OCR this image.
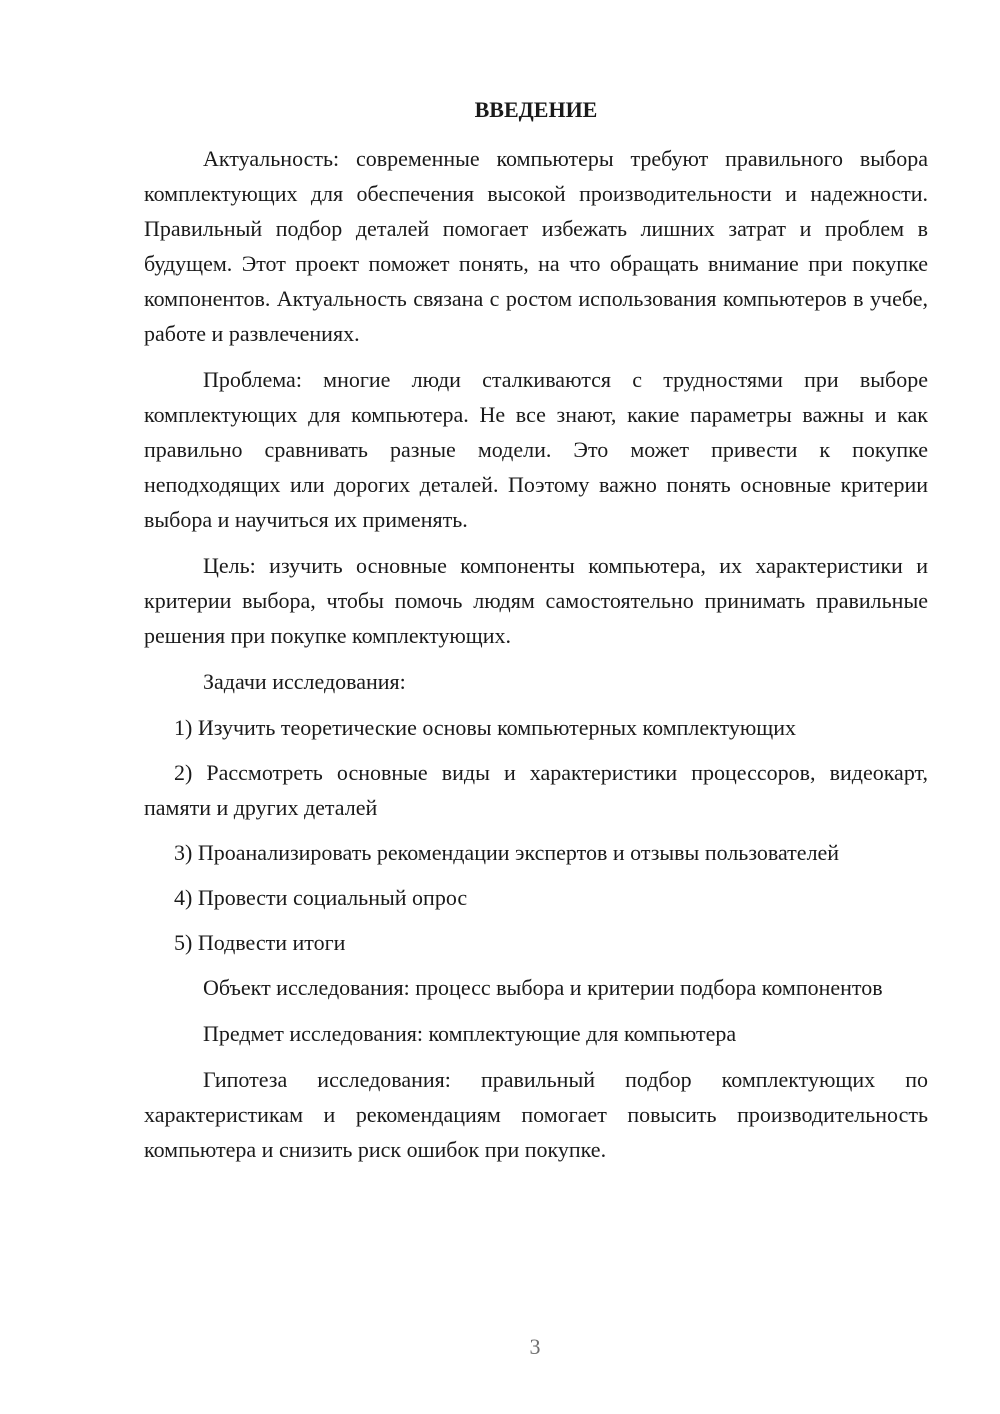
ВВЕДЕНИЕ

Актуальность: современные компьютеры требуют правильного выбора комплектующих для обеспечения высокой производительности и надежности. Правильный подбор деталей помогает избежать лишних затрат и проблем в будущем. Этот проект поможет понять, на что обращать внимание при покупке компонентов. Актуальность связана с ростом использования компьютеров в учебе, работе и развлечениях.

Проблема: многие люди сталкиваются с трудностями при выборе комплектующих для компьютера. Не все знают, какие параметры важны и как правильно сравнивать разные модели. Это может привести к покупке неподходящих или дорогих деталей. Поэтому важно понять основные критерии выбора и научиться их применять.

Цель: изучить основные компоненты компьютера, их характеристики и критерии выбора, чтобы помочь людям самостоятельно принимать правильные решения при покупке комплектующих.

Задачи исследования:

1) Изучить теоретические основы компьютерных комплектующих

2) Рассмотреть основные виды и характеристики процессоров, видеокарт, памяти и других деталей

3) Проанализировать рекомендации экспертов и отзывы пользователей

4) Провести социальный опрос

5) Подвести итоги

Объект исследования: процесс выбора и критерии подбора компонентов

Предмет исследования: комплектующие для компьютера

Гипотеза исследования: правильный подбор комплектующих по характеристикам и рекомендациям помогает повысить производительность компьютера и снизить риск ошибок при покупке.

3
